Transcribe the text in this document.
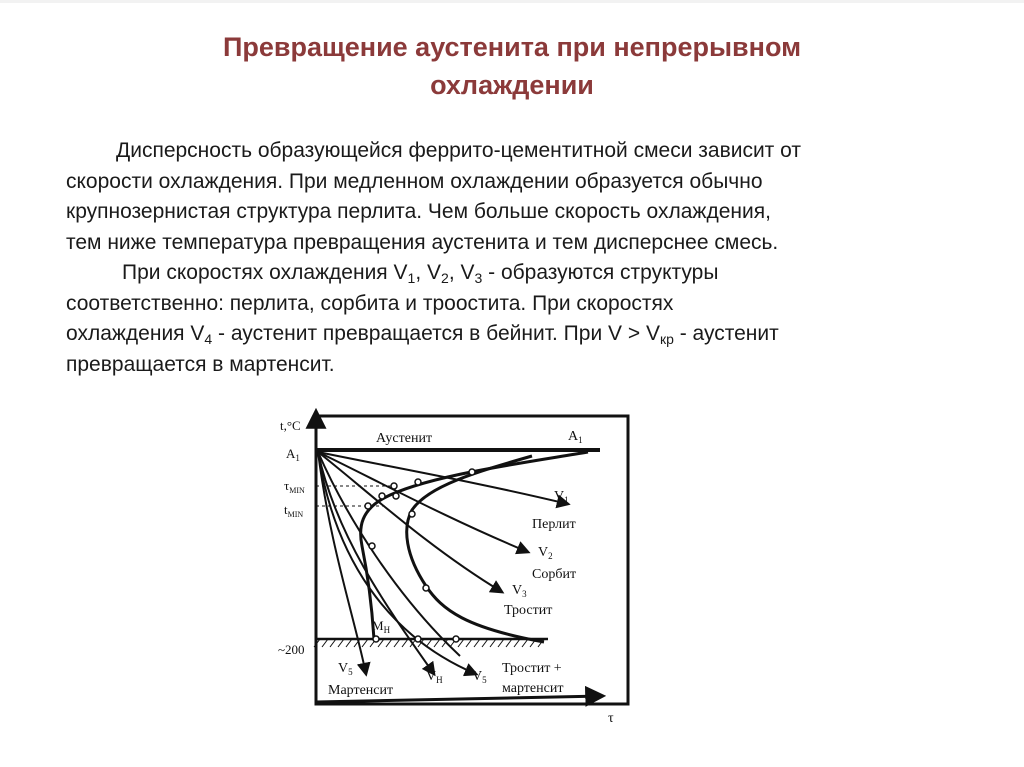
Превращение аустенита при непрерывном
охлаждении

Дисперсность образующейся феррито-цементитной смеси зависит от
скорости охлаждения. При медленном охлаждении образуется обычно
крупнозернистая структура перлита. Чем больше скорость охлаждения,
тем ниже температура превращения аустенита и тем дисперснее смесь.

При скоростях охлаждения $V_1$, $V_2$, $V_3$ - образуются структуры
соответственно: перлита, сорбита и троостита. При скоростях
охлаждения $V_4$ - аустенит превращается в бейнит. При $V > V_{кр}$ - аустенит
превращается в мартенсит.

t,°C
$A_1$
$\tau_{MIN}$
$t_{MIN}$
~200
Аустенит	$A_1$
$V_1$
Перлит
$V_2$
Сорбит
$V_3$
Тростит
$M_H$
$V_5$
Мартенсит
$V_H$ $V_5$
Тростит +
мартенсит
τ
